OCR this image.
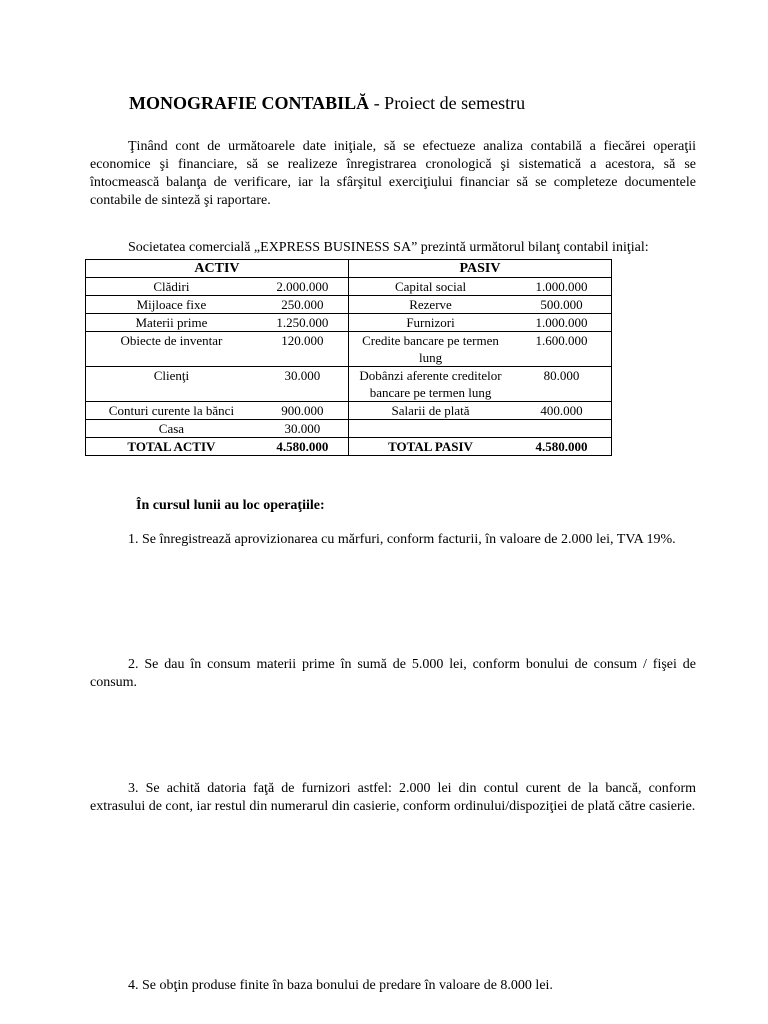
MONOGRAFIE CONTABILĂ - Proiect de semestru

Ţinând cont de următoarele date iniţiale, să se efectueze analiza contabilă a fiecărei operaţii economice şi financiare, să se realizeze înregistrarea cronologică şi sistematică a acestora, să se întocmească balanţa de verificare, iar la sfârşitul exerciţiului financiar să se completeze documentele contabile de sinteză şi raportare.

Societatea comercială „EXPRESS BUSINESS SA” prezintă următorul bilanţ contabil iniţial:
ACTIV		PASIV	
Clădiri	2.000.000	Capital social	1.000.000
Mijloace fixe	250.000	Rezerve	500.000
Materii prime	1.250.000	Furnizori	1.000.000
Obiecte de inventar	120.000	Credite bancare pe termen lung	1.600.000
Clienţi	30.000	Dobânzi aferente creditelor bancare pe termen lung	80.000
Conturi curente la bănci	900.000	Salarii de plată	400.000
Casa	30.000		
TOTAL ACTIV	4.580.000	TOTAL PASIV	4.580.000
În cursul lunii au loc operaţiile:

1. Se înregistrează aprovizionarea cu mărfuri, conform facturii, în valoare de 2.000 lei, TVA 19%.

2. Se dau în consum materii prime în sumă de 5.000 lei, conform bonului de consum / fişei de consum.

3. Se achită datoria faţă de furnizori astfel: 2.000 lei din contul curent de la bancă, conform extrasului de cont, iar restul din numerarul din casierie, conform ordinului/dispoziţiei de plată către casierie.

4. Se obţin produse finite în baza bonului de predare în valoare de 8.000 lei.
